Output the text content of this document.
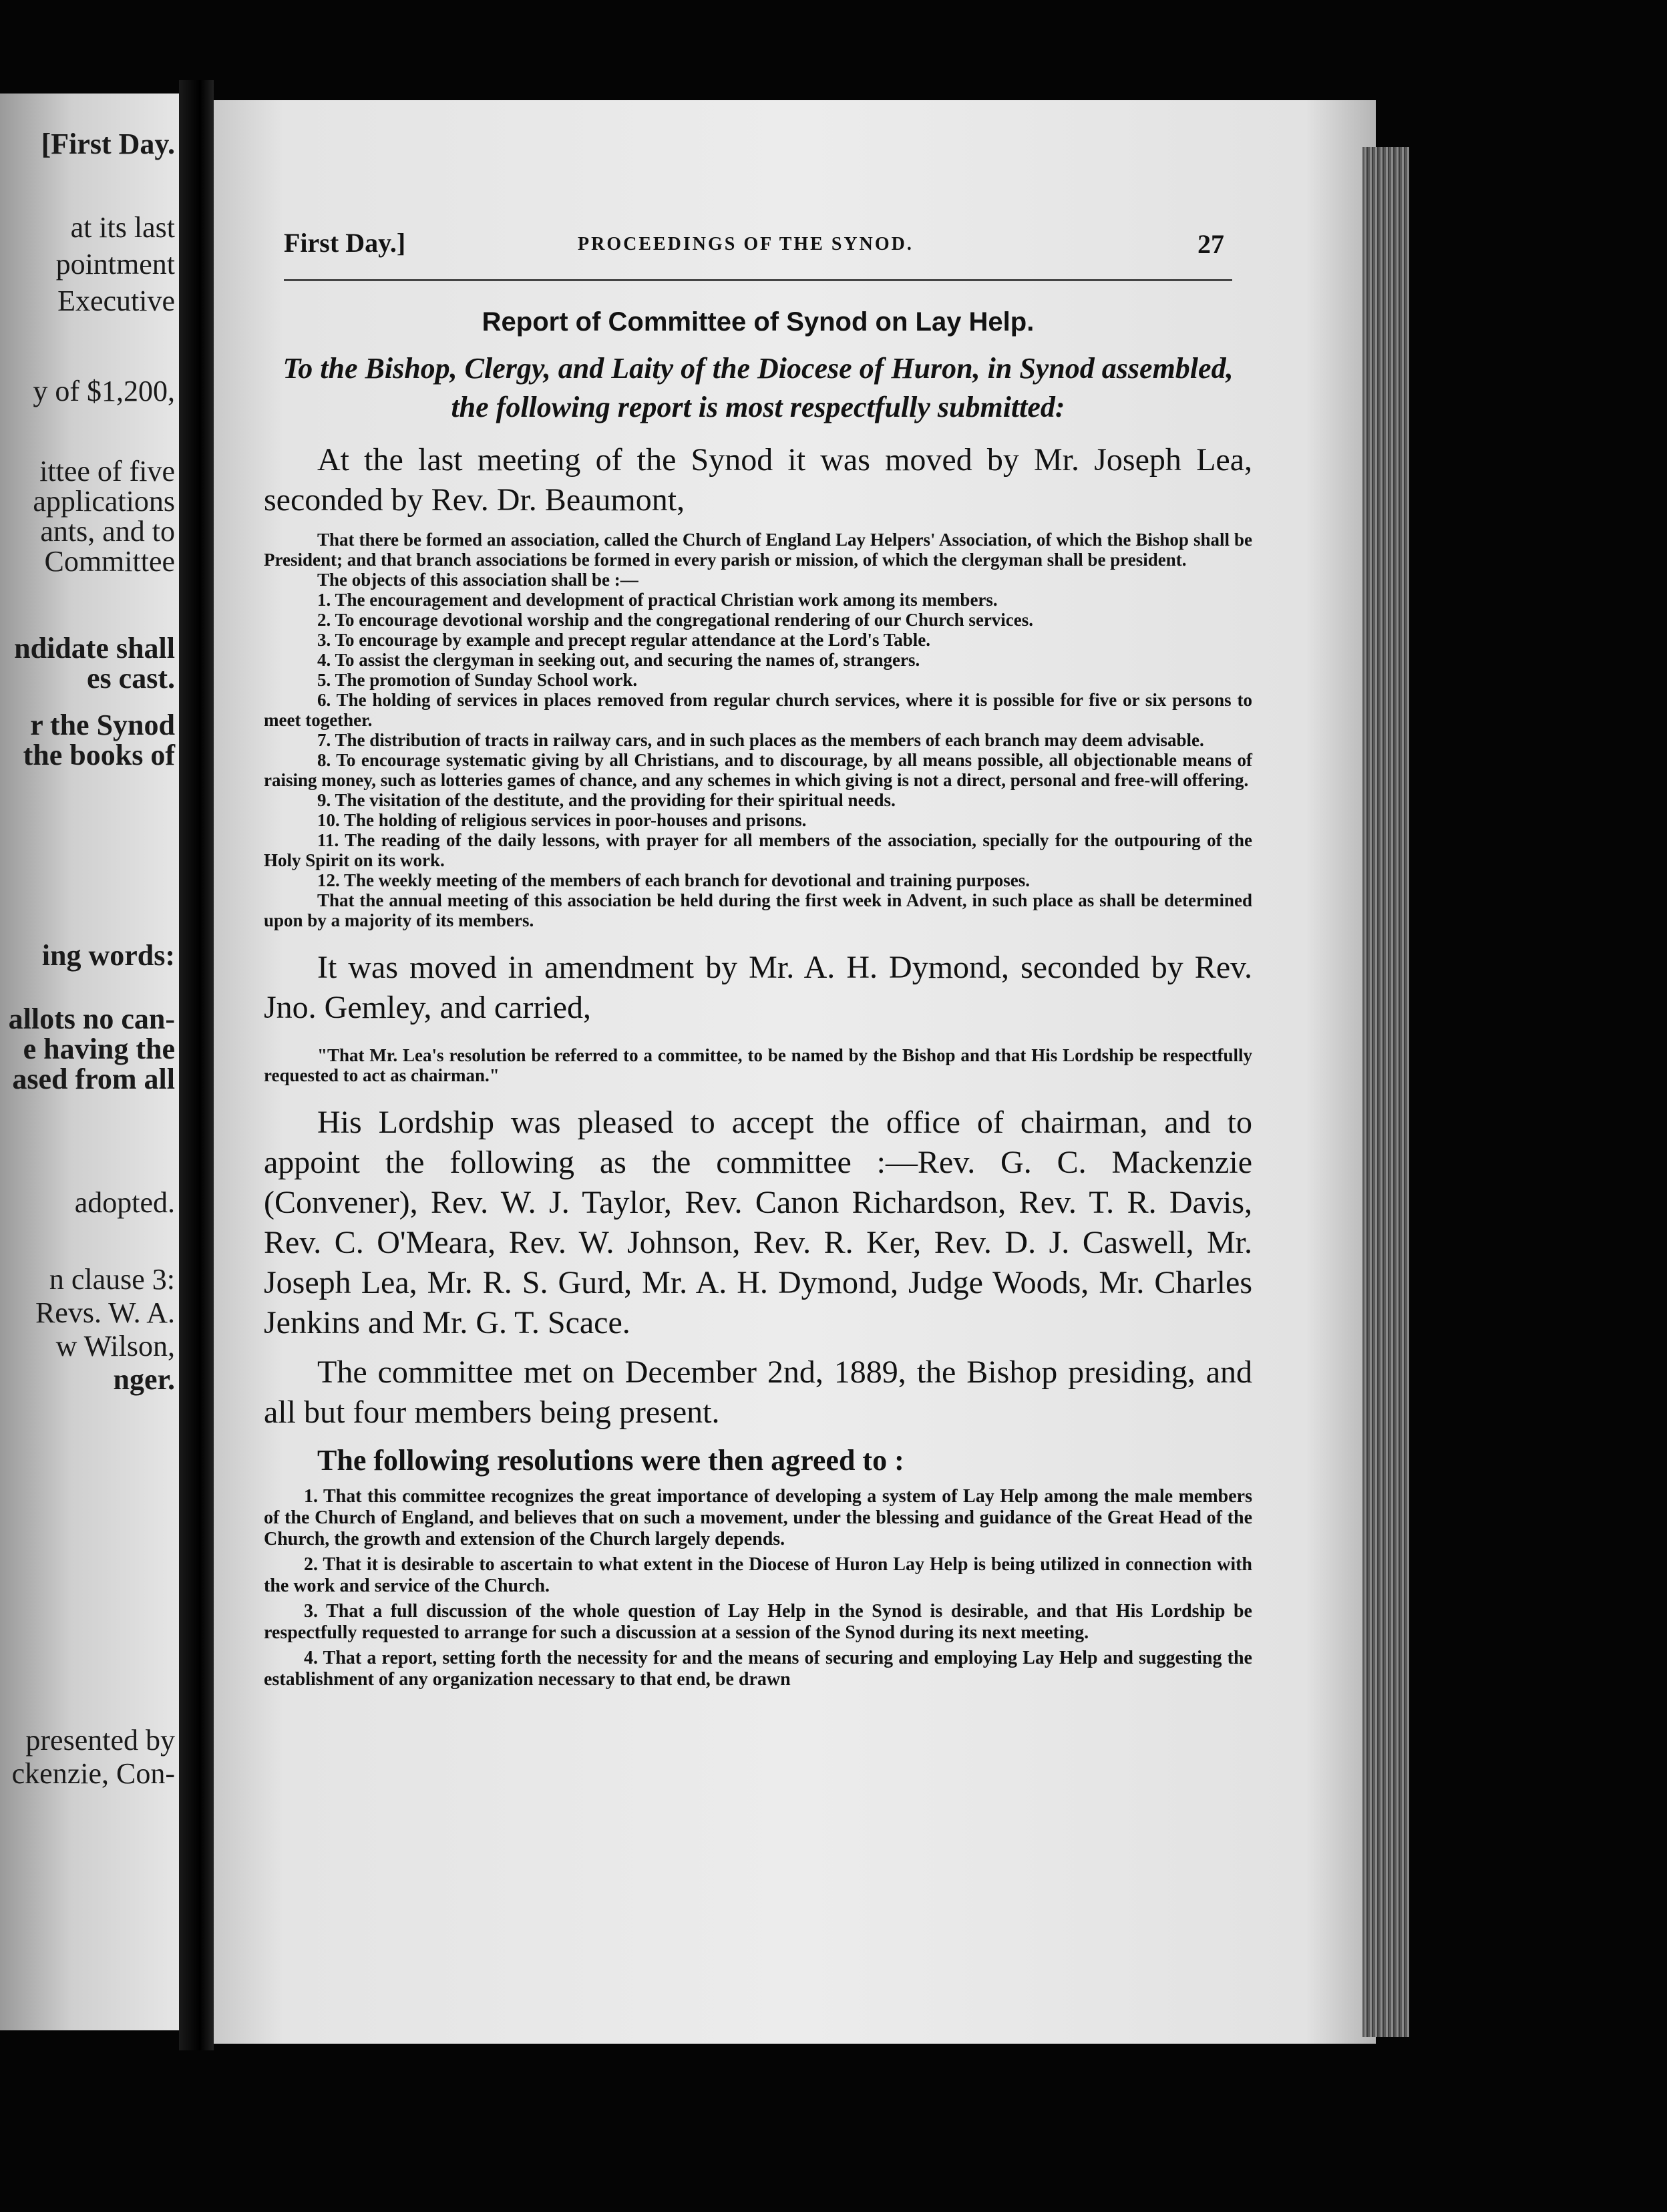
[First Day.
at its last
pointment
Executive
y of $1,200,
ittee of five
applications
ants, and to
Committee
ndidate shall
es cast.
r the Synod
the books of
ing words:
allots no can-
e having the
ased from all
adopted.
n clause 3:
Revs. W. A.
w Wilson,
nger.
presented by
ckenzie, Con-
First Day.]	PROCEEDINGS OF THE SYNOD.	27
Report of Committee of Synod on Lay Help.

To the Bishop, Clergy, and Laity of the Diocese of Huron, in Synod assembled, the following report is most respectfully submitted:

At the last meeting of the Synod it was moved by Mr. Joseph Lea, seconded by Rev. Dr. Beaumont,

That there be formed an association, called the Church of England Lay Helpers' Association, of which the Bishop shall be President; and that branch associations be formed in every parish or mission, of which the clergyman shall be president.

The objects of this association shall be :—

1. The encouragement and development of practical Christian work among its members.

2. To encourage devotional worship and the congregational rendering of our Church services.

3. To encourage by example and precept regular attendance at the Lord's Table.

4. To assist the clergyman in seeking out, and securing the names of, strangers.

5. The promotion of Sunday School work.

6. The holding of services in places removed from regular church services, where it is possible for five or six persons to meet together.

7. The distribution of tracts in railway cars, and in such places as the members of each branch may deem advisable.

8. To encourage systematic giving by all Christians, and to discourage, by all means possible, all objectionable means of raising money, such as lotteries games of chance, and any schemes in which giving is not a direct, personal and free-will offering.

9. The visitation of the destitute, and the providing for their spiritual needs.

10. The holding of religious services in poor-houses and prisons.

11. The reading of the daily lessons, with prayer for all members of the association, specially for the outpouring of the Holy Spirit on its work.

12. The weekly meeting of the members of each branch for devotional and training purposes.

That the annual meeting of this association be held during the first week in Advent, in such place as shall be determined upon by a majority of its members.

It was moved in amendment by Mr. A. H. Dymond, seconded by Rev. Jno. Gemley, and carried,

"That Mr. Lea's resolution be referred to a committee, to be named by the Bishop and that His Lordship be respectfully requested to act as chairman."

His Lordship was pleased to accept the office of chairman, and to appoint the following as the committee :—Rev. G. C. Mackenzie (Convener), Rev. W. J. Taylor, Rev. Canon Richardson, Rev. T. R. Davis, Rev. C. O'Meara, Rev. W. Johnson, Rev. R. Ker, Rev. D. J. Caswell, Mr. Joseph Lea, Mr. R. S. Gurd, Mr. A. H. Dymond, Judge Woods, Mr. Charles Jenkins and Mr. G. T. Scace.

The committee met on December 2nd, 1889, the Bishop presiding, and all but four members being present.

The following resolutions were then agreed to :

1. That this committee recognizes the great importance of developing a system of Lay Help among the male members of the Church of England, and believes that on such a movement, under the blessing and guidance of the Great Head of the Church, the growth and extension of the Church largely depends.

2. That it is desirable to ascertain to what extent in the Diocese of Huron Lay Help is being utilized in connection with the work and service of the Church.

3. That a full discussion of the whole question of Lay Help in the Synod is desirable, and that His Lordship be respectfully requested to arrange for such a discussion at a session of the Synod during its next meeting.

4. That a report, setting forth the necessity for and the means of securing and employing Lay Help and suggesting the establishment of any organization necessary to that end, be drawn
